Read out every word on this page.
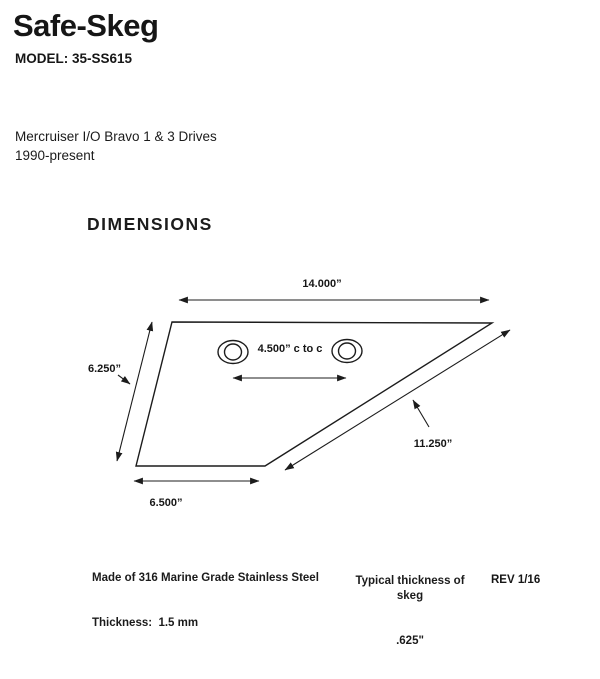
Safe-Skeg
MODEL: 35-SS615
Mercruiser I/O Bravo 1 & 3 Drives
1990-present
DIMENSIONS
14.000”
6.250”
4.500” c to c
11.250”
6.500”

Made of 316 Marine Grade Stainless Steel

Thickness:  1.5 mm

Typical thickness of skeg

.625"

REV 1/16
